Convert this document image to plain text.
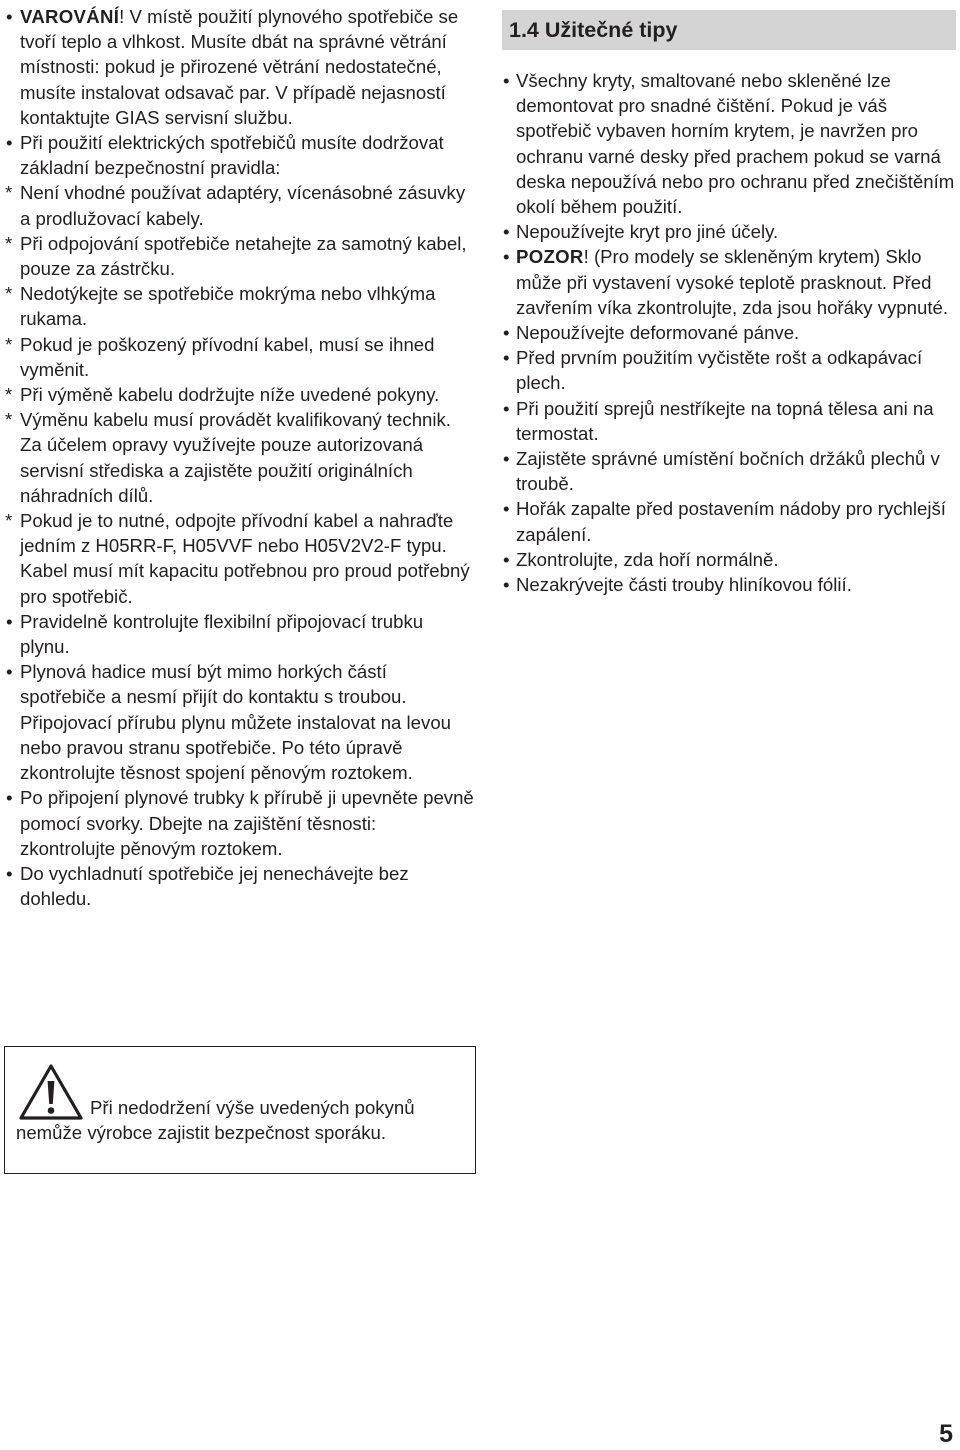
• VAROVÁNÍ! V místě použití plynového spotřebiče se tvoří teplo a vlhkost. Musíte dbát na správné větrání místnosti: pokud je přirozené větrání nedostatečné, musíte instalovat odsavač par. V případě nejasností kontaktujte GIAS servisní službu.
• Při použití elektrických spotřebičů musíte dodržovat základní bezpečnostní pravidla:
* Není vhodné používat adaptéry, vícenásobné zásuvky a prodlužovací kabely.
* Při odpojování spotřebiče netahejte za samotný kabel, pouze za zástrčku.
* Nedotýkejte se spotřebiče mokrýma nebo vlhkýma rukama.
* Pokud je poškozený přívodní kabel, musí se ihned vyměnit.
* Při výměně kabelu dodržujte níže uvedené pokyny.
* Výměnu kabelu musí provádět kvalifikovaný technik. Za účelem opravy využívejte pouze autorizovaná servisní střediska a zajistěte použití originálních náhradních dílů.
* Pokud je to nutné, odpojte přívodní kabel a nahraďte jedním z H05RR-F, H05VVF nebo H05V2V2-F typu. Kabel musí mít kapacitu potřebnou pro proud potřebný pro spotřebič.
• Pravidelně kontrolujte flexibilní připojovací trubku plynu.
• Plynová hadice musí být mimo horkých částí spotřebiče a nesmí přijít do kontaktu s troubou. Připojovací přírubu plynu můžete instalovat na levou nebo pravou stranu spotřebiče. Po této úpravě zkontrolujte těsnost spojení pěnovým roztokem.
• Po připojení plynové trubky k přírubě ji upevněte pevně pomocí svorky. Dbejte na zajištění těsnosti: zkontrolujte pěnovým roztokem.
• Do vychladnutí spotřebiče jej nenechávejte bez dohledu.
1.4 Užitečné tipy
• Všechny kryty, smaltované nebo skleněné lze demontovat pro snadné čištění. Pokud je váš spotřebič vybaven horním krytem, je navržen pro ochranu varné desky před prachem pokud se varná deska nepoužívá nebo pro ochranu před znečištěním okolí během použití.
• Nepoužívejte kryt pro jiné účely.
• POZOR! (Pro modely se skleněným krytem) Sklo může při vystavení vysoké teplotě prasknout. Před zavřením víka zkontrolujte, zda jsou hořáky vypnuté.
• Nepoužívejte deformované pánve.
• Před prvním použitím vyčistěte rošt a odkapávací plech.
• Při použití sprejů nestříkejte na topná tělesa ani na termostat.
• Zajistěte správné umístění bočních držáků plechů v troubě.
• Hořák zapalte před postavením nádoby pro rychlejší zapálení.
• Zkontrolujte, zda hoří normálně.
• Nezakrývejte části trouby hliníkovou fólií.
Při nedodržení výše uvedených pokynů nemůže výrobce zajistit bezpečnost sporáku.
5
